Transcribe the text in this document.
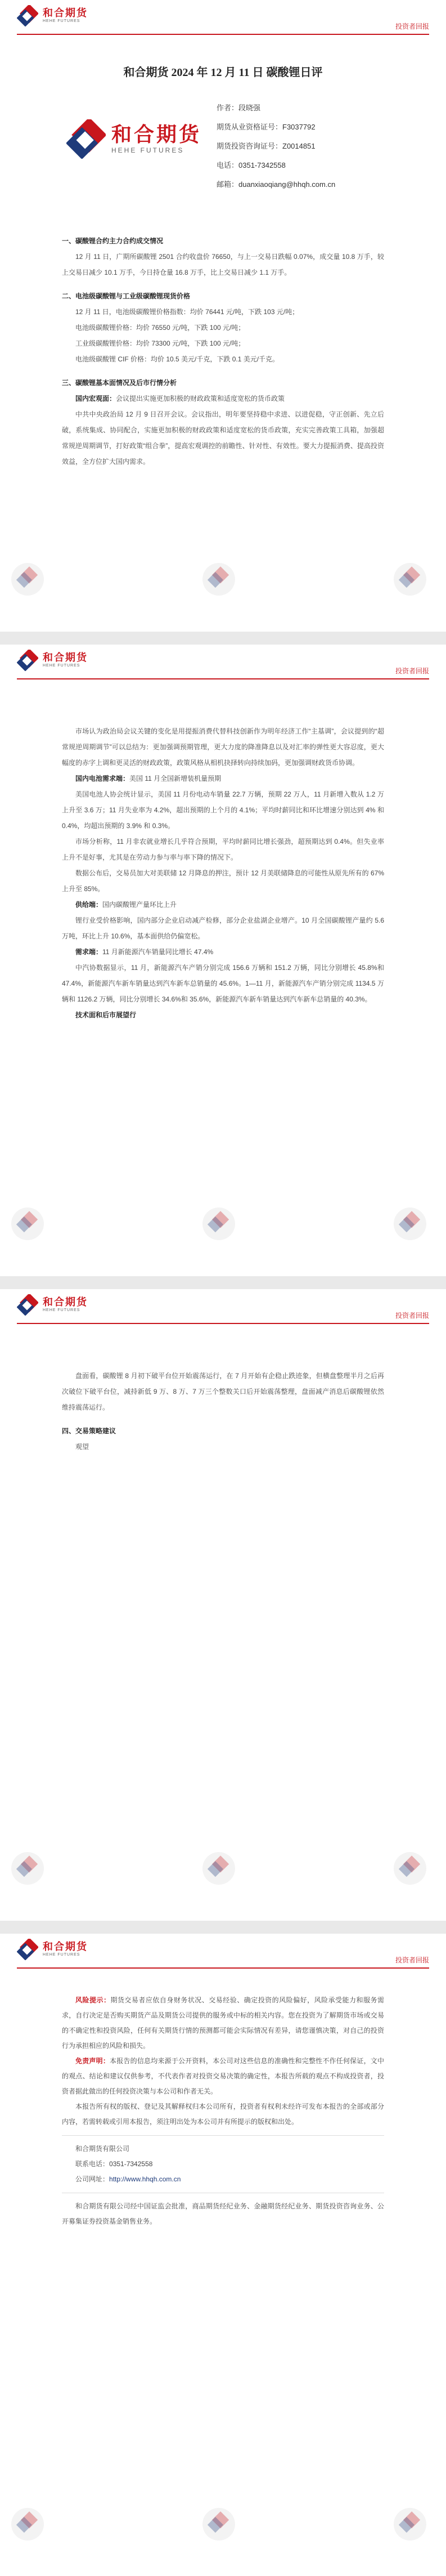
和合期货
HEHE FUTURES
投资者回报
和合期货 2024 年 12 月 11 日 碳酸锂日评
和合期货
HEHE FUTURES
作者：段晓强
期货从业资格证号：F3037792
期货投资咨询证号：Z0014851
电话：0351-7342558
邮箱：duanxiaoqiang@hhqh.com.cn

一、碳酸锂合约主力合约成交情况

12 月 11 日，广期所碳酸锂 2501 合约收盘价 76650，与上一交易日跌幅 0.07%，成交量 10.8 万手，较上交易日减少 10.1 万手，今日持仓量 16.8 万手，比上交易日减少 1.1 万手。

二、电池级碳酸锂与工业级碳酸锂现货价格

12 月 11 日，电池级碳酸锂价格指数：均价 76441 元/吨，下跌 103 元/吨；

电池级碳酸锂价格：均价 76550 元/吨，下跌 100 元/吨；

工业级碳酸锂价格：均价 73300 元/吨，下跌 100 元/吨；

电池级碳酸锂 CIF 价格：均价 10.5 美元/千克，下跌 0.1 美元/千克。

三、碳酸锂基本面情况及后市行情分析

国内宏观面：会议提出实施更加积极的财政政策和适度宽松的货币政策

中共中央政治局 12 月 9 日召开会议。会议指出，明年要坚持稳中求进、以进促稳，守正创新、先立后破，系统集成、协同配合，实施更加积极的财政政策和适度宽松的货币政策，充实完善政策工具箱，加强超常规逆周期调节，打好政策“组合拳”，提高宏观调控的前瞻性、针对性、有效性。要大力提振消费、提高投资效益，全方位扩大国内需求。

和合期货
HEHE FUTURES
投资者回报

市场认为政治局会议关键的变化是用提振消费代替科技创新作为明年经济工作“主基调”，会议提到的“超常规逆周期调节”可以总结为：更加强调预期管理，更大力度的降准降息以及对汇率的弹性更大容忍度，更大幅度的赤字上调和更灵活的财政政策，政策风格从相机抉择转向持续加码，更加强调财政货币协调。

国内电池需求端：美国 11 月全国新增装机量预期

美国电池人协会统计显示，美国 11 月份电动车销量 22.7 万辆，预期 22 万人，11 月新增入数从 1.2 万上升至 3.6 万；11 月失业率为 4.2%，超出预期的上个月的 4.1%；平均时薪同比和环比增速分别达到 4% 和 0.4%，均超出预期的 3.9% 和 0.3%。

市场分析称，11 月非农就业增长几乎符合预期，平均时薪同比增长强劲，超预期达到 0.4%。但失业率上升不是好事，尤其是在劳动力参与率与率下降的情况下。

数据公布后，交易员加大对美联储 12 月降息的押注，预计 12 月美联储降息的可能性从原先所有的 67% 上升至 85%。

供给端：国内碳酸锂产量环比上升

锂行业受价格影响，国内部分企业启动减产检修，部分企业盐湖企业增产。10 月全国碳酸锂产量约 5.6 万吨，环比上升 10.6%，基本面供给仍偏宽松。

需求端：11 月新能源汽车销量同比增长 47.4%

中汽协数据显示，11 月，新能源汽车产销分别完成 156.6 万辆和 151.2 万辆，同比分别增长 45.8%和 47.4%，新能源汽车新车销量达到汽车新车总销量的 45.6%。1—11 月，新能源汽车产销分别完成 1134.5 万辆和 1126.2 万辆，同比分别增长 34.6%和 35.6%，新能源汽车新车销量达到汽车新车总销量的 40.3%。

技术面和后市展望行

和合期货
HEHE FUTURES
投资者回报

盘面看，碳酸锂 8 月初下破平台位开始震荡运行，在 7 月开始有企稳止跌迹象，但横盘整理半月之后再次破位下破平台位，减持新低 9 万、8 万、7 万三个整数关口后开始震荡整理，盘面减产消息后碳酸锂依然维持震荡运行。

四、交易策略建议

观望

和合期货
HEHE FUTURES
投资者回报

风险提示：期货交易者应依自身财务状况、交易经验、确定投资的风险偏好，风险承受能力和服务需求，自行决定是否购买期货产品及期货公司提供的服务或中标的相关内容。您在投资为了解期货市场或交易的不确定性和投资风险，任何有关期货行情的预测都可能会实际情况有差异，请您谨慎决策，对自己的投资行为承担相应的风险和损失。

免责声明：本报告的信息均来源于公开资料，本公司对这些信息的准确性和完整性不作任何保证，文中的观点、结论和建议仅供参考，不代表作者对投资交易决策的确定性，本报告所载的观点不构成投资者，投资者据此做出的任何投资决策与本公司和作者无关。

本报告所有权的版权、登记及其解释权归本公司所有，投资者有权利未经许可发布本报告的全部或部分内容，若需转载或引用本报告，须注明出处为本公司并有所提示的版权和出处。

和合期货有限公司

联系电话：0351-7342558

公司网址：http://www.hhqh.com.cn

和合期货有限公司经中国证监会批准，商品期货经纪业务、金融期货经纪业务、期货投资咨询业务、公开募集证券投资基金销售业务。
